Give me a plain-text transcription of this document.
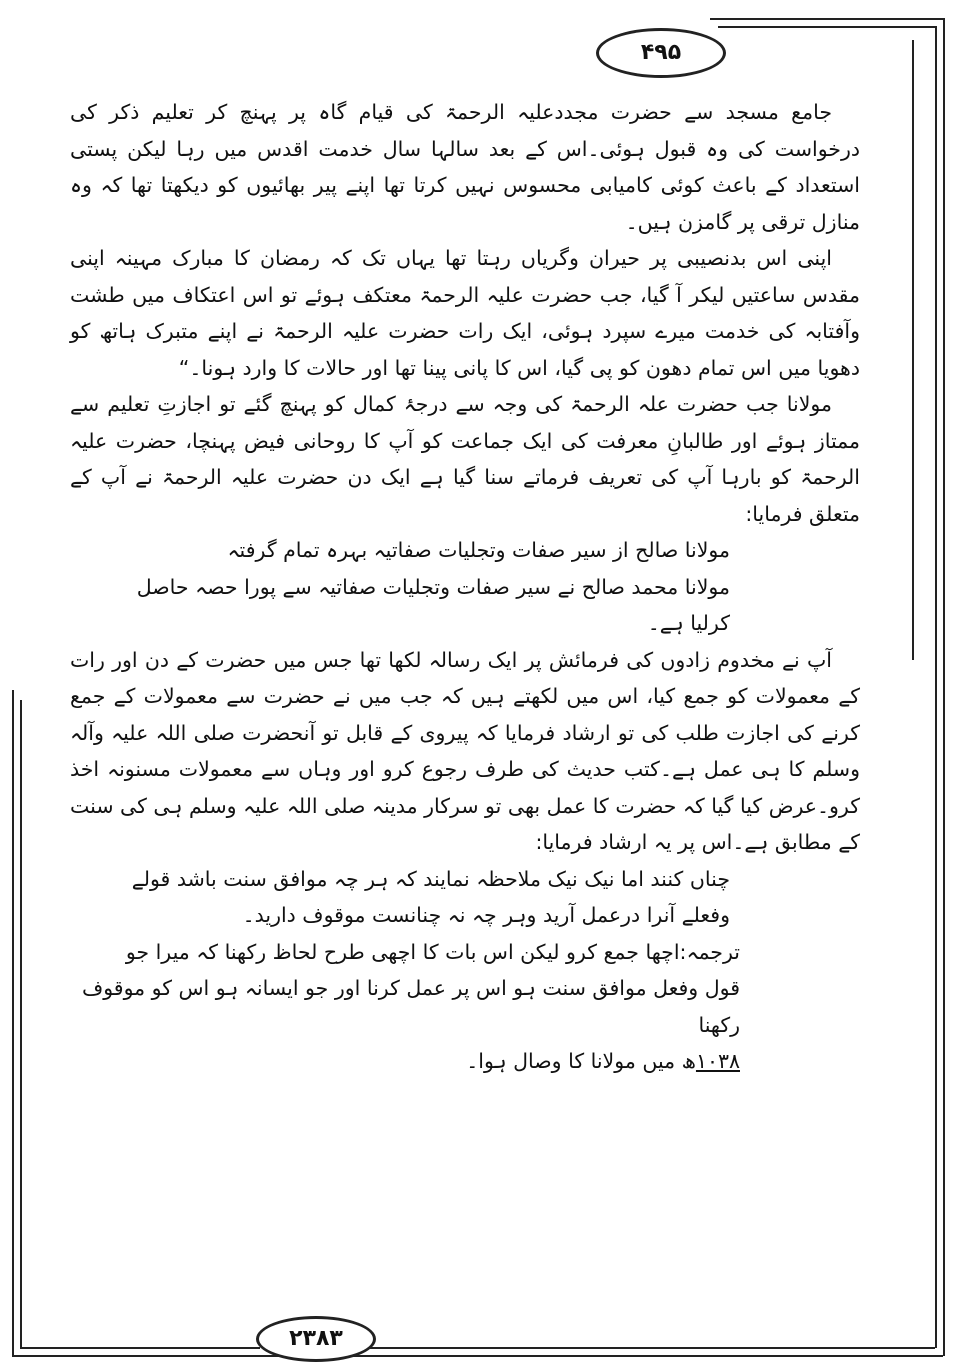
۴۹۵

جامع مسجد سے حضرت مجددعلیہ الرحمۃ کی قیام گاہ پر پہنچ کر تعلیم ذکر کی درخواست کی وہ قبول ہوئی۔اس کے بعد سالہا سال خدمت اقدس میں رہا لیکن پستی استعداد کے باعث کوئی کامیابی محسوس نہیں کرتا تھا اپنے پیر بھائیوں کو دیکھتا تھا کہ وہ منازل ترقی پر گامزن ہیں۔

اپنی اس بدنصیبی پر حیران وگریاں رہتا تھا یہاں تک کہ رمضان کا مبارک مہینہ اپنی مقدس ساعتیں لیکر آ گیا، جب حضرت علیہ الرحمۃ معتکف ہوئے تو اس اعتکاف میں طشت وآفتابہ کی خدمت میرے سپرد ہوئی، ایک رات حضرت علیہ الرحمۃ نے اپنے متبرک ہاتھ کو دھویا میں اس تمام دھون کو پی گیا، اس کا پانی پینا تھا اور حالات کا وارد ہونا۔“

مولانا جب حضرت علہ الرحمۃ کی وجہ سے درجۂ کمال کو پہنچ گئے تو اجازتِ تعلیم سے ممتاز ہوئے اور طالبانِ معرفت کی ایک جماعت کو آپ کا روحانی فیض پہنچا، حضرت علیہ الرحمۃ کو بارہا آپ کی تعریف فرماتے سنا گیا ہے ایک دن حضرت علیہ الرحمۃ نے آپ کے متعلق فرمایا:

مولانا صالح از سیر صفات وتجلیات صفاتیہ بہرہ تمام گرفتہ

مولانا محمد صالح نے سیر صفات وتجلیات صفاتیہ سے پورا حصہ حاصل

کرلیا ہے۔

آپ نے مخدوم زادوں کی فرمائش پر ایک رسالہ لکھا تھا جس میں حضرت کے دن اور رات کے معمولات کو جمع کیا، اس میں لکھتے ہیں کہ جب میں نے حضرت سے معمولات کے جمع کرنے کی اجازت طلب کی تو ارشاد فرمایا کہ پیروی کے قابل تو آنحضرت صلی اللہ علیہ وآلہ وسلم کا ہی عمل ہے۔کتب حدیث کی طرف رجوع کرو اور وہاں سے معمولات مسنونہ اخذ کرو۔عرض کیا گیا کہ حضرت کا عمل بھی تو سرکار مدینہ صلی اللہ علیہ وسلم ہی کی سنت کے مطابق ہے۔اس پر یہ ارشاد فرمایا:

چناں کنند اما نیک نیک ملاحظہ نمایند کہ ہر چہ موافق سنت باشد قولے

وفعلے آنرا درعمل آرید وہر چہ نہ چنانست موقوف دارید۔

ترجمہ:اچھا جمع کرو لیکن اس بات کا اچھی طرح لحاظ رکھنا کہ میرا جو

قول وفعل موافق سنت ہو اس پر عمل کرنا اور جو ایسانہ ہو اس کو موقوف رکھنا

۱۰۳۸ھ میں مولانا کا وصال ہوا۔

۲۳۸۳
